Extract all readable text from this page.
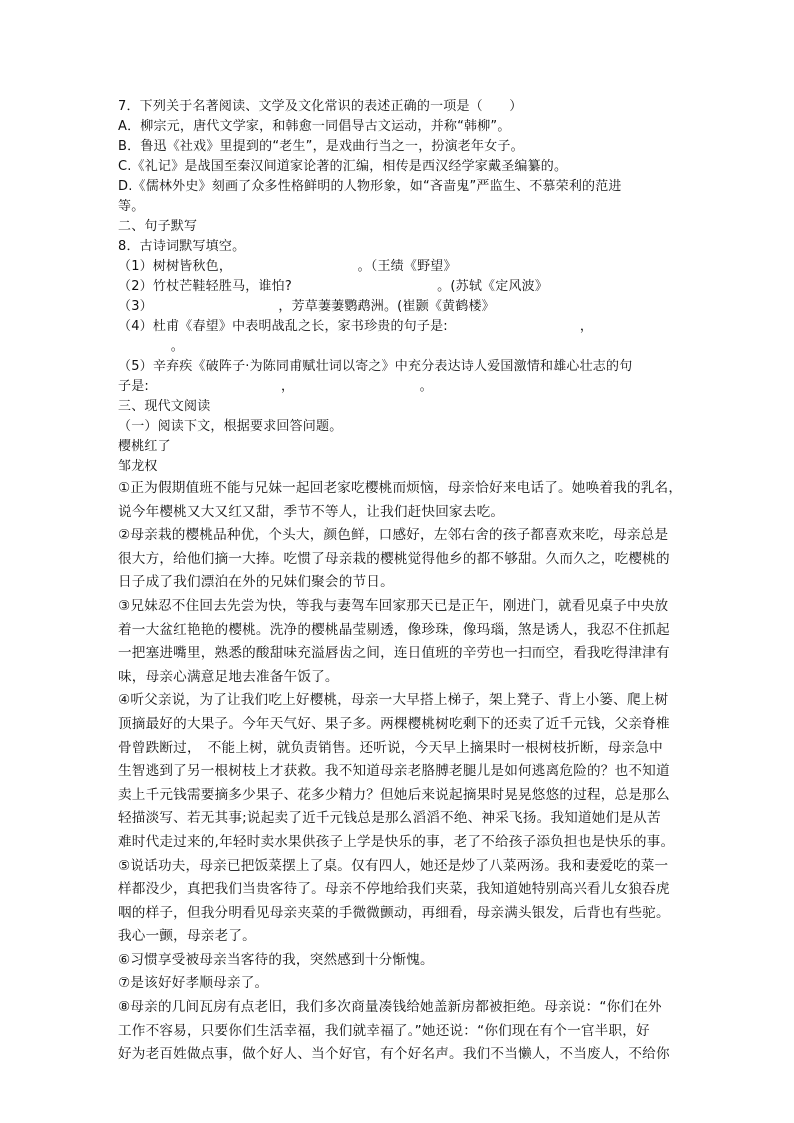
7．下列关于名著阅读、文学及文化常识的表述正确的一项是（　　）
A．柳宗元，唐代文学家，和韩愈一同倡导古文运动，并称“韩柳”。
B．鲁迅《社戏》里提到的“老生”，是戏曲行当之一，扮演老年女子。
C.《礼记》是战国至秦汉间道家论著的汇编，相传是西汉经学家戴圣编纂的。
D.《儒林外史》刻画了众多性格鲜明的人物形象，如“吝啬鬼”严监生、不慕荣利的范进
等。
二、句子默写
8．古诗词默写填空。
（1）树树皆秋色，　　　　　　　　　　。（王绩《野望》
（2）竹杖芒鞋轻胜马，谁怕?　　　　　　　　　　　。(苏轼《定风波》
（3）　　　　　　　　　　，芳草萋萋鹦鹉洲。(崔颢《黄鹤楼》
（4）杜甫《春望》中表明战乱之长，家书珍贵的句子是:　　　　　　　　　　，
　　　　。
（5）辛弃疾《破阵子·为陈同甫赋壮词以寄之》中充分表达诗人爱国激情和雄心壮志的句
子是:　　　　　　　　　　，　　　　　　　　　　。
三、现代文阅读
（一）阅读下文，根据要求回答问题。
樱桃红了
邹龙权
①正为假期值班不能与兄妹一起回老家吃樱桃而烦恼，母亲恰好来电话了。她唤着我的乳名，
说今年樱桃又大又红又甜，季节不等人，让我们赶快回家去吃。
②母亲栽的樱桃品种优，个头大，颜色鲜，口感好，左邻右舍的孩子都喜欢来吃，母亲总是
很大方，给他们摘一大捧。吃惯了母亲栽的樱桃觉得他乡的都不够甜。久而久之，吃樱桃的
日子成了我们漂泊在外的兄妹们聚会的节日。
③兄妹忍不住回去先尝为快，等我与妻驾车回家那天已是正午，刚进门，就看见桌子中央放
着一大盆红艳艳的樱桃。洗净的樱桃晶莹剔透，像珍珠，像玛瑙，煞是诱人，我忍不住抓起
一把塞进嘴里，熟悉的酸甜味充溢唇齿之间，连日值班的辛劳也一扫而空，看我吃得津津有
味，母亲心满意足地去准备午饭了。
④听父亲说，为了让我们吃上好樱桃，母亲一大早搭上梯子，架上凳子、背上小篓、爬上树
顶摘最好的大果子。今年天气好、果子多。两棵樱桃树吃剩下的还卖了近千元钱，父亲脊椎
骨曾跌断过，　不能上树，就负责销售。还听说，今天早上摘果时一根树枝折断，母亲急中
生智逃到了另一根树枝上才获救。我不知道母亲老胳膊老腿儿是如何逃离危险的？也不知道
卖上千元钱需要摘多少果子、花多少精力？但她后来说起摘果时晃晃悠悠的过程，总是那么
轻描淡写、若无其事;说起卖了近千元钱总是那么滔滔不绝、神采飞扬。我知道她们是从苦
难时代走过来的,年轻时卖水果供孩子上学是快乐的事，老了不给孩子添负担也是快乐的事。
⑤说话功夫，母亲已把饭菜摆上了桌。仅有四人，她还是炒了八菜两汤。我和妻爱吃的菜一
样都没少，真把我们当贵客待了。母亲不停地给我们夹菜，我知道她特别高兴看儿女狼吞虎
咽的样子，但我分明看见母亲夹菜的手微微颤动，再细看，母亲满头银发，后背也有些驼。
我心一颤，母亲老了。
⑥习惯享受被母亲当客待的我，突然感到十分惭愧。
⑦是该好好孝顺母亲了。
⑧母亲的几间瓦房有点老旧，我们多次商量凑钱给她盖新房都被拒绝。母亲说：“你们在外
工作不容易，只要你们生活幸福，我们就幸福了。”她还说：“你们现在有个一官半职，好
好为老百姓做点事，做个好人、当个好官，有个好名声。我们不当懒人，不当废人，不给你
